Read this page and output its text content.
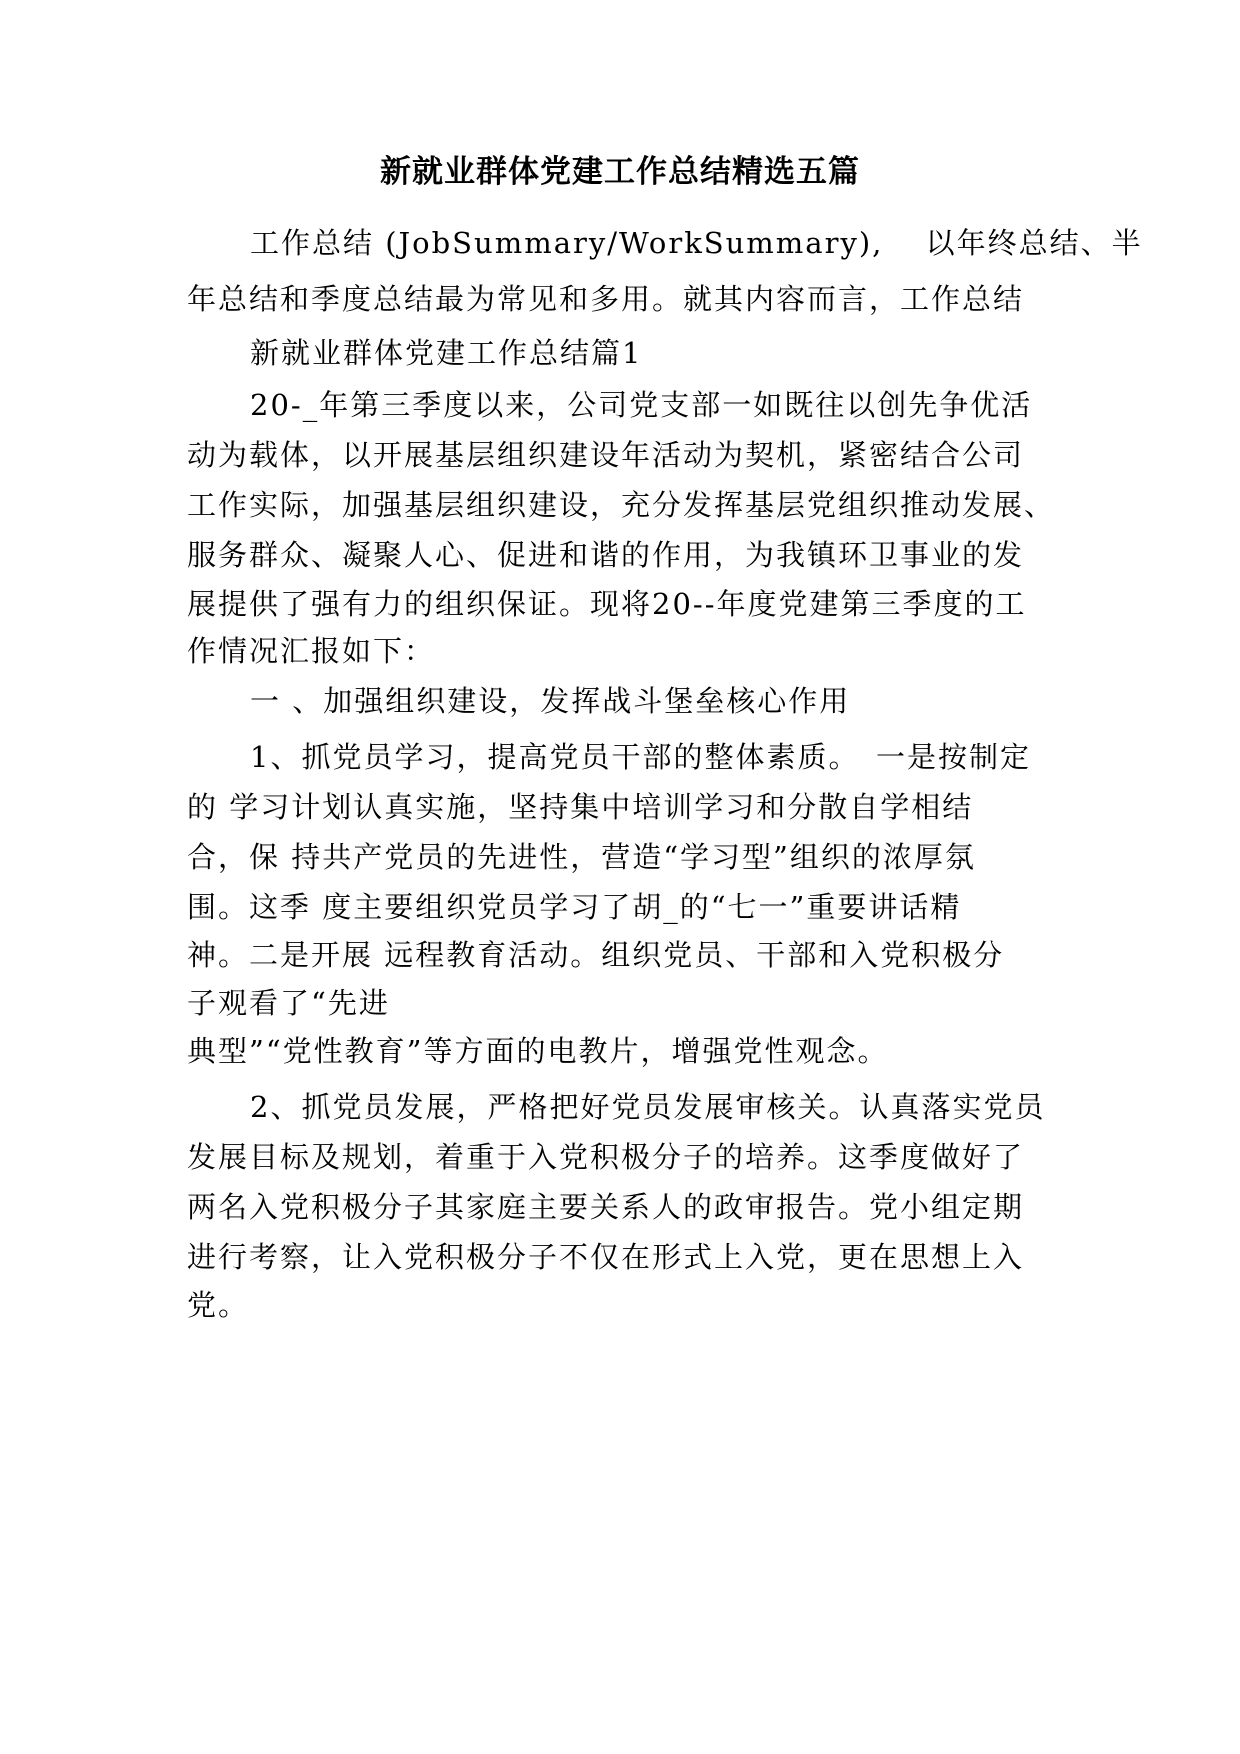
新就业群体党建工作总结精选五篇
工作总结 (JobSummary/WorkSummary),　 以年终总结、半
年总结和季度总结最为常见和多用。就其内容而言，工作总结
新就业群体党建工作总结篇1
20-_年第三季度以来，公司党支部一如既往以创先争优活
动为载体，以开展基层组织建设年活动为契机，紧密结合公司
工作实际，加强基层组织建设，充分发挥基层党组织推动发展、
服务群众、凝聚人心、促进和谐的作用，为我镇环卫事业的发
展提供了强有力的组织保证。现将20--年度党建第三季度的工
作情况汇报如下：
一 、加强组织建设，发挥战斗堡垒核心作用
1、抓党员学习，提高党员干部的整体素质。　一是按制定
的 学习计划认真实施，坚持集中培训学习和分散自学相结
合，保 持共产党员的先进性，营造“学习型”组织的浓厚氛
围。这季 度主要组织党员学习了胡_的“七一”重要讲话精
神。二是开展 远程教育活动。组织党员、干部和入党积极分
子观看了“先进
典型”“党性教育”等方面的电教片，增强党性观念。
2、抓党员发展，严格把好党员发展审核关。认真落实党员
发展目标及规划，着重于入党积极分子的培养。这季度做好了
两名入党积极分子其家庭主要关系人的政审报告。党小组定期
进行考察，让入党积极分子不仅在形式上入党，更在思想上入
党。
